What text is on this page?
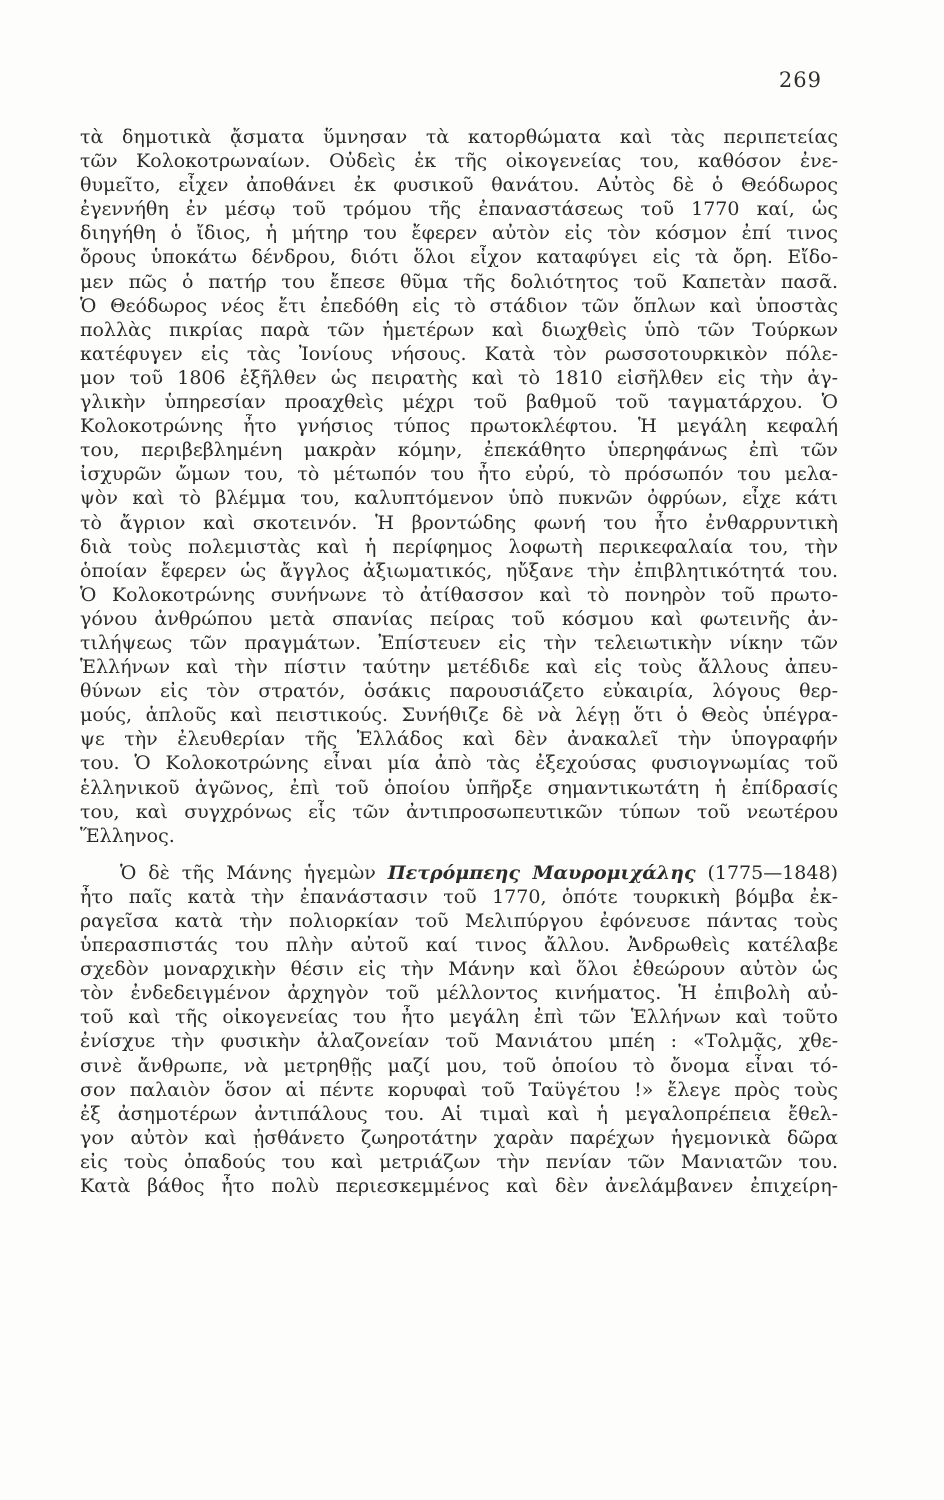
269
τὰ δημοτικὰ ᾄσματα ὕμνησαν τὰ κατορθώματα καὶ τὰς περιπετείας
τῶν Κολοκοτρωναίων. Οὐδεὶς ἐκ τῆς οἰκογενείας του, καθόσον ἐνε-
θυμεῖτο, εἶχεν ἀποθάνει ἐκ φυσικοῦ θανάτου. Αὐτὸς δὲ ὁ Θεόδωρος
ἐγεννήθη ἐν μέσῳ τοῦ τρόμου τῆς ἐπαναστάσεως τοῦ 1770 καί, ὡς
διηγήθη ὁ ἴδιος, ἡ μήτηρ του ἔφερεν αὐτὸν εἰς τὸν κόσμον ἐπί τινος
ὄρους ὑποκάτω δένδρου, διότι ὅλοι εἶχον καταφύγει εἰς τὰ ὄρη. Εἴδο-
μεν πῶς ὁ πατήρ του ἔπεσε θῦμα τῆς δολιότητος τοῦ Καπετὰν πασᾶ.
Ὁ Θεόδωρος νέος ἔτι ἐπεδόθη εἰς τὸ στάδιον τῶν ὅπλων καὶ ὑποστὰς
πολλὰς πικρίας παρὰ τῶν ἡμετέρων καὶ διωχθεὶς ὑπὸ τῶν Τούρκων
κατέφυγεν εἰς τὰς Ἰονίους νήσους. Κατὰ τὸν ρωσσοτουρκικὸν πόλε-
μον τοῦ 1806 ἐξῆλθεν ὡς πειρατὴς καὶ τὸ 1810 εἰσῆλθεν εἰς τὴν ἀγ-
γλικὴν ὑπηρεσίαν προαχθεὶς μέχρι τοῦ βαθμοῦ τοῦ ταγματάρχου. Ὁ
Κολοκοτρώνης ἦτο γνήσιος τύπος πρωτοκλέφτου. Ἡ μεγάλη κεφαλή
του, περιβεβλημένη μακρὰν κόμην, ἐπεκάθητο ὑπερηφάνως ἐπὶ τῶν
ἰσχυρῶν ὤμων του, τὸ μέτωπόν του ἦτο εὐρύ, τὸ πρόσωπόν του μελα-
ψὸν καὶ τὸ βλέμμα του, καλυπτόμενον ὑπὸ πυκνῶν ὀφρύων, εἶχε κάτι
τὸ ἄγριον καὶ σκοτεινόν. Ἡ βροντώδης φωνή του ἦτο ἐνθαρρυντικὴ
διὰ τοὺς πολεμιστὰς καὶ ἡ περίφημος λοφωτὴ περικεφαλαία του, τὴν
ὁποίαν ἔφερεν ὡς ἄγγλος ἀξιωματικός, ηὔξανε τὴν ἐπιβλητικότητά του.
Ὁ Κολοκοτρώνης συνήνωνε τὸ ἀτίθασσον καὶ τὸ πονηρὸν τοῦ πρωτο-
γόνου ἀνθρώπου μετὰ σπανίας πείρας τοῦ κόσμου καὶ φωτεινῆς ἀν-
τιλήψεως τῶν πραγμάτων. Ἐπίστευεν εἰς τὴν τελειωτικὴν νίκην τῶν
Ἑλλήνων καὶ τὴν πίστιν ταύτην μετέδιδε καὶ εἰς τοὺς ἄλλους ἀπευ-
θύνων εἰς τὸν στρατόν, ὁσάκις παρουσιάζετο εὐκαιρία, λόγους θερ-
μούς, ἁπλοῦς καὶ πειστικούς. Συνήθιζε δὲ νὰ λέγῃ ὅτι ὁ Θεὸς ὑπέγρα-
ψε τὴν ἐλευθερίαν τῆς Ἑλλάδος καὶ δὲν ἀνακαλεῖ τὴν ὑπογραφήν
του. Ὁ Κολοκοτρώνης εἶναι μία ἀπὸ τὰς ἐξεχούσας φυσιογνωμίας τοῦ
ἑλληνικοῦ ἀγῶνος, ἐπὶ τοῦ ὁποίου ὑπῆρξε σημαντικωτάτη ἡ ἐπίδρασίς
του, καὶ συγχρόνως εἷς τῶν ἀντιπροσωπευτικῶν τύπων τοῦ νεωτέρου
Ἕλληνος.
Ὁ δὲ τῆς Μάνης ἡγεμὼν Πετρόμπεης Μαυρομιχάλης (1775—1848)
ἦτο παῖς κατὰ τὴν ἐπανάστασιν τοῦ 1770, ὁπότε τουρκικὴ βόμβα ἐκ-
ραγεῖσα κατὰ τὴν πολιορκίαν τοῦ Μελιπύργου ἐφόνευσε πάντας τοὺς
ὑπερασπιστάς του πλὴν αὐτοῦ καί τινος ἄλλου. Ἀνδρωθεὶς κατέλαβε
σχεδὸν μοναρχικὴν θέσιν εἰς τὴν Μάνην καὶ ὅλοι ἐθεώρουν αὐτὸν ὡς
τὸν ἐνδεδειγμένον ἀρχηγὸν τοῦ μέλλοντος κινήματος. Ἡ ἐπιβολὴ αὐ-
τοῦ καὶ τῆς οἰκογενείας του ἦτο μεγάλη ἐπὶ τῶν Ἑλλήνων καὶ τοῦτο
ἐνίσχυε τὴν φυσικὴν ἀλαζονείαν τοῦ Μανιάτου μπέη : «Τολμᾷς, χθε-
σινὲ ἄνθρωπε, νὰ μετρηθῇς μαζί μου, τοῦ ὁποίου τὸ ὄνομα εἶναι τό-
σον παλαιὸν ὅσον αἱ πέντε κορυφαὶ τοῦ Ταϋγέτου !» ἔλεγε πρὸς τοὺς
ἐξ ἀσημοτέρων ἀντιπάλους του. Αἱ τιμαὶ καὶ ἡ μεγαλοπρέπεια ἔθελ-
γον αὐτὸν καὶ ᾐσθάνετο ζωηροτάτην χαρὰν παρέχων ἡγεμονικὰ δῶρα
εἰς τοὺς ὀπαδούς του καὶ μετριάζων τὴν πενίαν τῶν Μανιατῶν του.
Κατὰ βάθος ἦτο πολὺ περιεσκεμμένος καὶ δὲν ἀνελάμβανεν ἐπιχείρη-
